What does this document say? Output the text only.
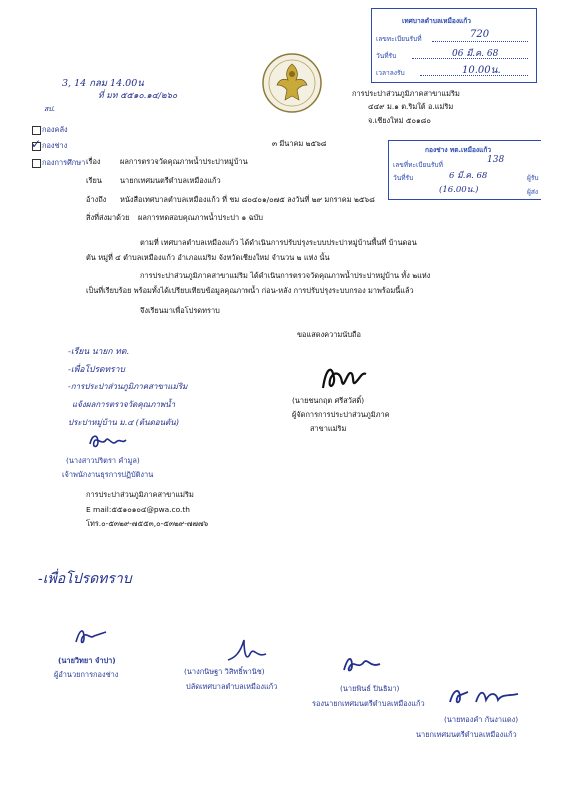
เทศบาลตำบลเหมืองแก้ว
เลขทะเบียนรับที่	720
วันที่รับ	06 มี.ค. 68
เวลาลงรับ	10.00น.
3, 14 กลม 14.00น
ที่ มท ๕๕๑๐.๑๔/๒๖๐
สป.
การประปาส่วนภูมิภาคสาขาแม่ริม
๔๔๙ ม.๑ ต.ริมใต้ อ.แม่ริม
จ.เชียงใหม่ ๕๐๑๘๐
กองคลัง
✓ กองช่าง
กองการศึกษา
๓ มีนาคม ๒๕๖๘
กองช่าง ทต.เหมืองแก้ว
เลขที่ทะเบียนรับที่	138
วันที่รับ	6 มี.ค. 68
(16.00น.)
ผู้รับ
ผู้ส่ง
เรื่อง	ผลการตรวจวัดคุณภาพน้ำประปาหมู่บ้าน
เรียน นายกเทศมนตรีตำบลเหมืองแก้ว
อ้างถึง หนังสือเทศบาลตำบลเหมืองแก้ว ที่ ชม ๘๐๔๐๑/๐๗๕ ลงวันที่ ๒๙ มกราคม ๒๕๖๘
สิ่งที่ส่งมาด้วย ผลการทดสอบคุณภาพน้ำประปา ๑ ฉบับ
ตามที่ เทศบาลตำบลเหมืองแก้ว ได้ดำเนินการปรับปรุงระบบประปาหมู่บ้านพื้นที่ บ้านดอน
ตัน หมู่ที่ ๔ ตำบลเหมืองแก้ว อำเภอแม่ริม จังหวัดเชียงใหม่ จำนวน ๒ แห่ง นั้น
การประปาส่วนภูมิภาคสาขาแม่ริม ได้ดำเนินการตรวจวัดคุณภาพน้ำประปาหมู่บ้าน ทั้ง ๒แห่ง
เป็นที่เรียบร้อย พร้อมทั้งได้เปรียบเทียบข้อมูลคุณภาพน้ำ ก่อน-หลัง การปรับปรุงระบบกรอง มาพร้อมนี้แล้ว
จึงเรียนมาเพื่อโปรดทราบ
ขอแสดงความนับถือ
(นายชนกฤต ศรีสวัสดิ์)
ผู้จัดการการประปาส่วนภูมิภาค
สาขาแม่ริม
-เรียน นายก ทต.
-เพื่อโปรดทราบ
-การประปาส่วนภูมิภาคสาขาแม่ริม
แจ้งผลการตรวจวัดคุณภาพน้ำ
ประปาหมู่บ้าน ม.๔ (ต้นดอนตัน)
(นางสาวปริตรา คำมูล)
เจ้าพนักงานธุรการปฏิบัติงาน
การประปาส่วนภูมิภาคสาขาแม่ริม
E mail:๕๕๑๐๑๐๔@pwa.co.th
โทร.๐-๕๓๒๙-๗๕๕๓,๐-๕๓๒๙-๗๗๗๖
-เพื่อโปรดทราบ
(นายวิทยา จำปา)
ผู้อำนวยการกองช่าง	(นางกนิษฐา วิสิทธิ์พานิช)
ปลัดเทศบาลตำบลเหมืองแก้ว	(นายพินธ์ ปินธิมา)
รองนายกเทศมนตรีตำบลเหมืองแก้ว
(นายทองคำ กันงาแดง)
นายกเทศมนตรีตำบลเหมืองแก้ว
